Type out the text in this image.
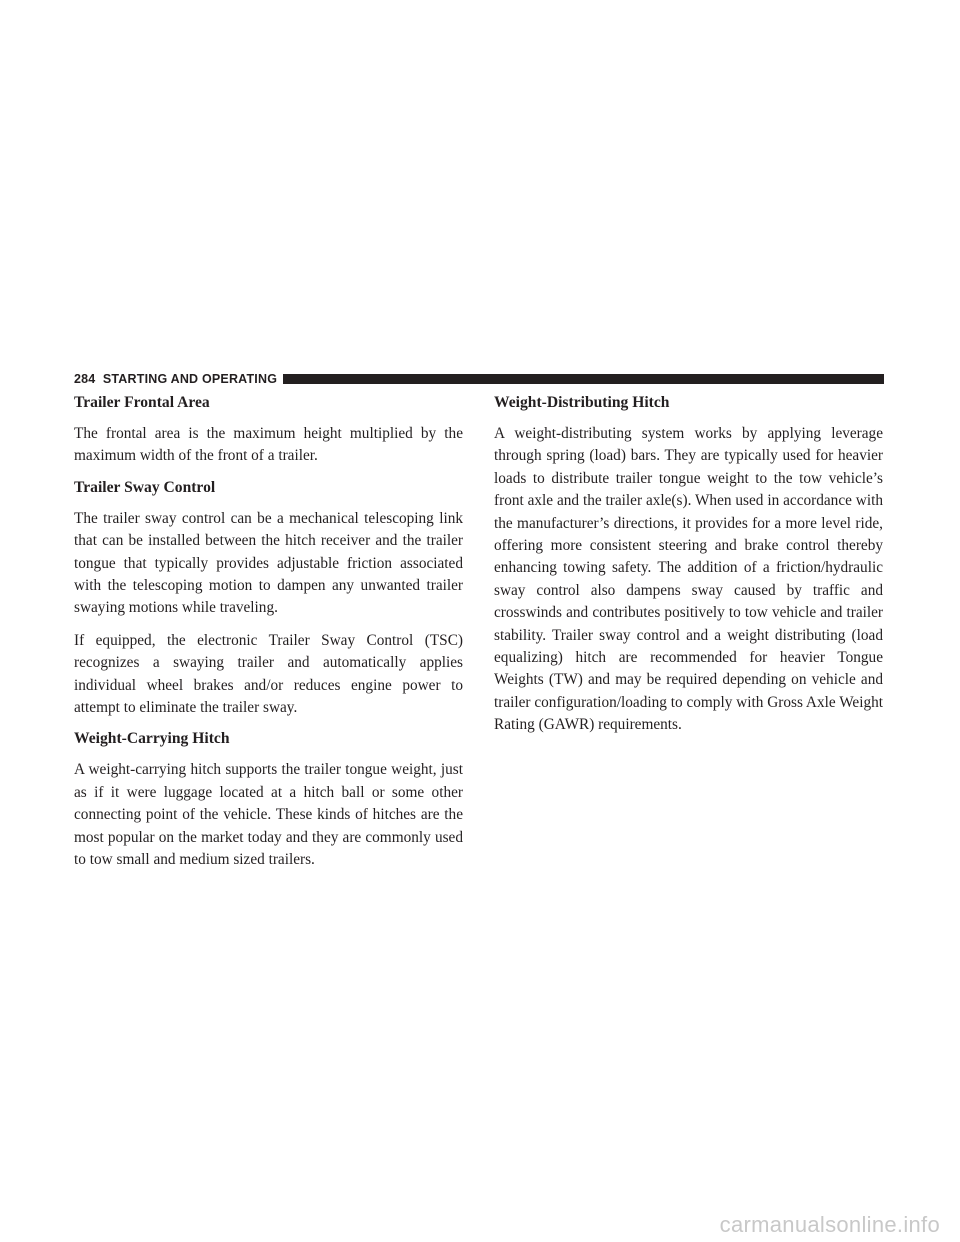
284 STARTING AND OPERATING
Trailer Frontal Area

The frontal area is the maximum height multiplied by the maximum width of the front of a trailer.

Trailer Sway Control

The trailer sway control can be a mechanical telescoping link that can be installed between the hitch receiver and the trailer tongue that typically provides adjustable friction associated with the telescoping motion to dampen any unwanted trailer swaying motions while traveling.

If equipped, the electronic Trailer Sway Control (TSC) recognizes a swaying trailer and automatically applies individual wheel brakes and/or reduces engine power to attempt to eliminate the trailer sway.

Weight-Carrying Hitch

A weight-carrying hitch supports the trailer tongue weight, just as if it were luggage located at a hitch ball or some other connecting point of the vehicle. These kinds of hitches are the most popular on the market today and they are commonly used to tow small and medium sized trailers.

Weight-Distributing Hitch

A weight-distributing system works by applying leverage through spring (load) bars. They are typically used for heavier loads to distribute trailer tongue weight to the tow vehicle’s front axle and the trailer axle(s). When used in accordance with the manufacturer’s directions, it provides for a more level ride, offering more consistent steering and brake control thereby enhancing towing safety. The addition of a friction/hydraulic sway control also dampens sway caused by traffic and crosswinds and contributes positively to tow vehicle and trailer stability. Trailer sway control and a weight distributing (load equalizing) hitch are recommended for heavier Tongue Weights (TW) and may be required depending on vehicle and trailer configuration/loading to comply with Gross Axle Weight Rating (GAWR) requirements.

carmanualsonline.info
